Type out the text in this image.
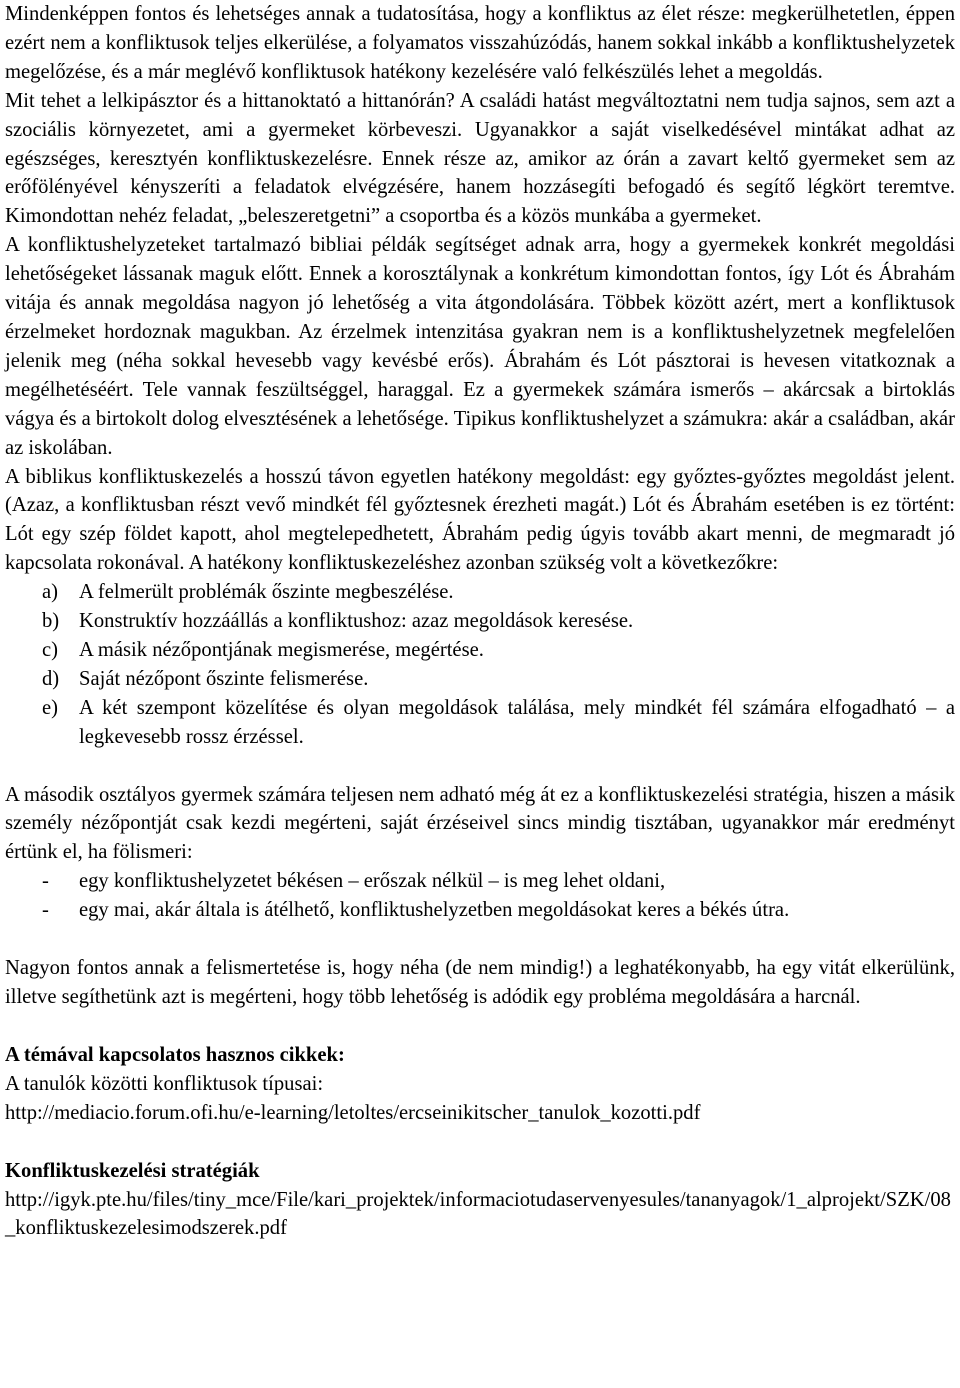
Mindenképpen fontos és lehetséges annak a tudatosítása, hogy a konfliktus az élet része: megkerülhetetlen, éppen ezért nem a konfliktusok teljes elkerülése, a folyamatos visszahúzódás, hanem sokkal inkább a konfliktushelyzetek megelőzése, és a már meglévő konfliktusok hatékony kezelésére való felkészülés lehet a megoldás.

Mit tehet a lelkipásztor és a hittanoktató a hittanórán? A családi hatást megváltoztatni nem tudja sajnos, sem azt a szociális környezetet, ami a gyermeket körbeveszi. Ugyanakkor a saját viselkedésével mintákat adhat az egészséges, keresztyén konfliktuskezelésre. Ennek része az, amikor az órán a zavart keltő gyermeket sem az erőfölényével kényszeríti a feladatok elvégzésére, hanem hozzásegíti befogadó és segítő légkört teremtve. Kimondottan nehéz feladat, „beleszeretgetni” a csoportba és a közös munkába a gyermeket.

A konfliktushelyzeteket tartalmazó bibliai példák segítséget adnak arra, hogy a gyermekek konkrét megoldási lehetőségeket lássanak maguk előtt. Ennek a korosztálynak a konkrétum kimondottan fontos, így Lót és Ábrahám vitája és annak megoldása nagyon jó lehetőség a vita átgondolására. Többek között azért, mert a konfliktusok érzelmeket hordoznak magukban. Az érzelmek intenzitása gyakran nem is a konfliktushelyzetnek megfelelően jelenik meg (néha sokkal hevesebb vagy kevésbé erős). Ábrahám és Lót pásztorai is hevesen vitatkoznak a megélhetéséért. Tele vannak feszültséggel, haraggal. Ez a gyermekek számára ismerős – akárcsak a birtoklás vágya és a birtokolt dolog elvesztésének a lehetősége. Tipikus konfliktushelyzet a számukra: akár a családban, akár az iskolában.

A biblikus konfliktuskezelés a hosszú távon egyetlen hatékony megoldást: egy győztes-győztes megoldást jelent. (Azaz, a konfliktusban részt vevő mindkét fél győztesnek érezheti magát.) Lót és Ábrahám esetében is ez történt: Lót egy szép földet kapott, ahol megtelepedhetett, Ábrahám pedig úgyis tovább akart menni, de megmaradt jó kapcsolata rokonával. A hatékony konfliktuskezeléshez azonban szükség volt a következőkre:

a) A felmerült problémák őszinte megbeszélése.
b) Konstruktív hozzáállás a konfliktushoz: azaz megoldások keresése.
c) A másik nézőpontjának megismerése, megértése.
d) Saját nézőpont őszinte felismerése.
e) A két szempont közelítése és olyan megoldások találása, mely mindkét fél számára elfogadható – a legkevesebb rossz érzéssel.

A második osztályos gyermek számára teljesen nem adható még át ez a konfliktuskezelési stratégia, hiszen a másik személy nézőpontját csak kezdi megérteni, saját érzéseivel sincs mindig tisztában, ugyanakkor már eredményt értünk el, ha fölismeri:

- egy konfliktushelyzetet békésen – erőszak nélkül – is meg lehet oldani,
- egy mai, akár általa is átélhető, konfliktushelyzetben megoldásokat keres a békés útra.

Nagyon fontos annak a felismertetése is, hogy néha (de nem mindig!) a leghatékonyabb, ha egy vitát elkerülünk, illetve segíthetünk azt is megérteni, hogy több lehetőség is adódik egy probléma megoldására a harcnál.

A témával kapcsolatos hasznos cikkek:

A tanulók közötti konfliktusok típusai:

http://mediacio.forum.ofi.hu/e-learning/letoltes/ercseinikitscher_tanulok_kozotti.pdf

Konfliktuskezelési stratégiák

http://igyk.pte.hu/files/tiny_mce/File/kari_projektek/informaciotudaservenyesules/tananyagok/1_alprojekt/SZK/08_konfliktuskezelesimodszerek.pdf
